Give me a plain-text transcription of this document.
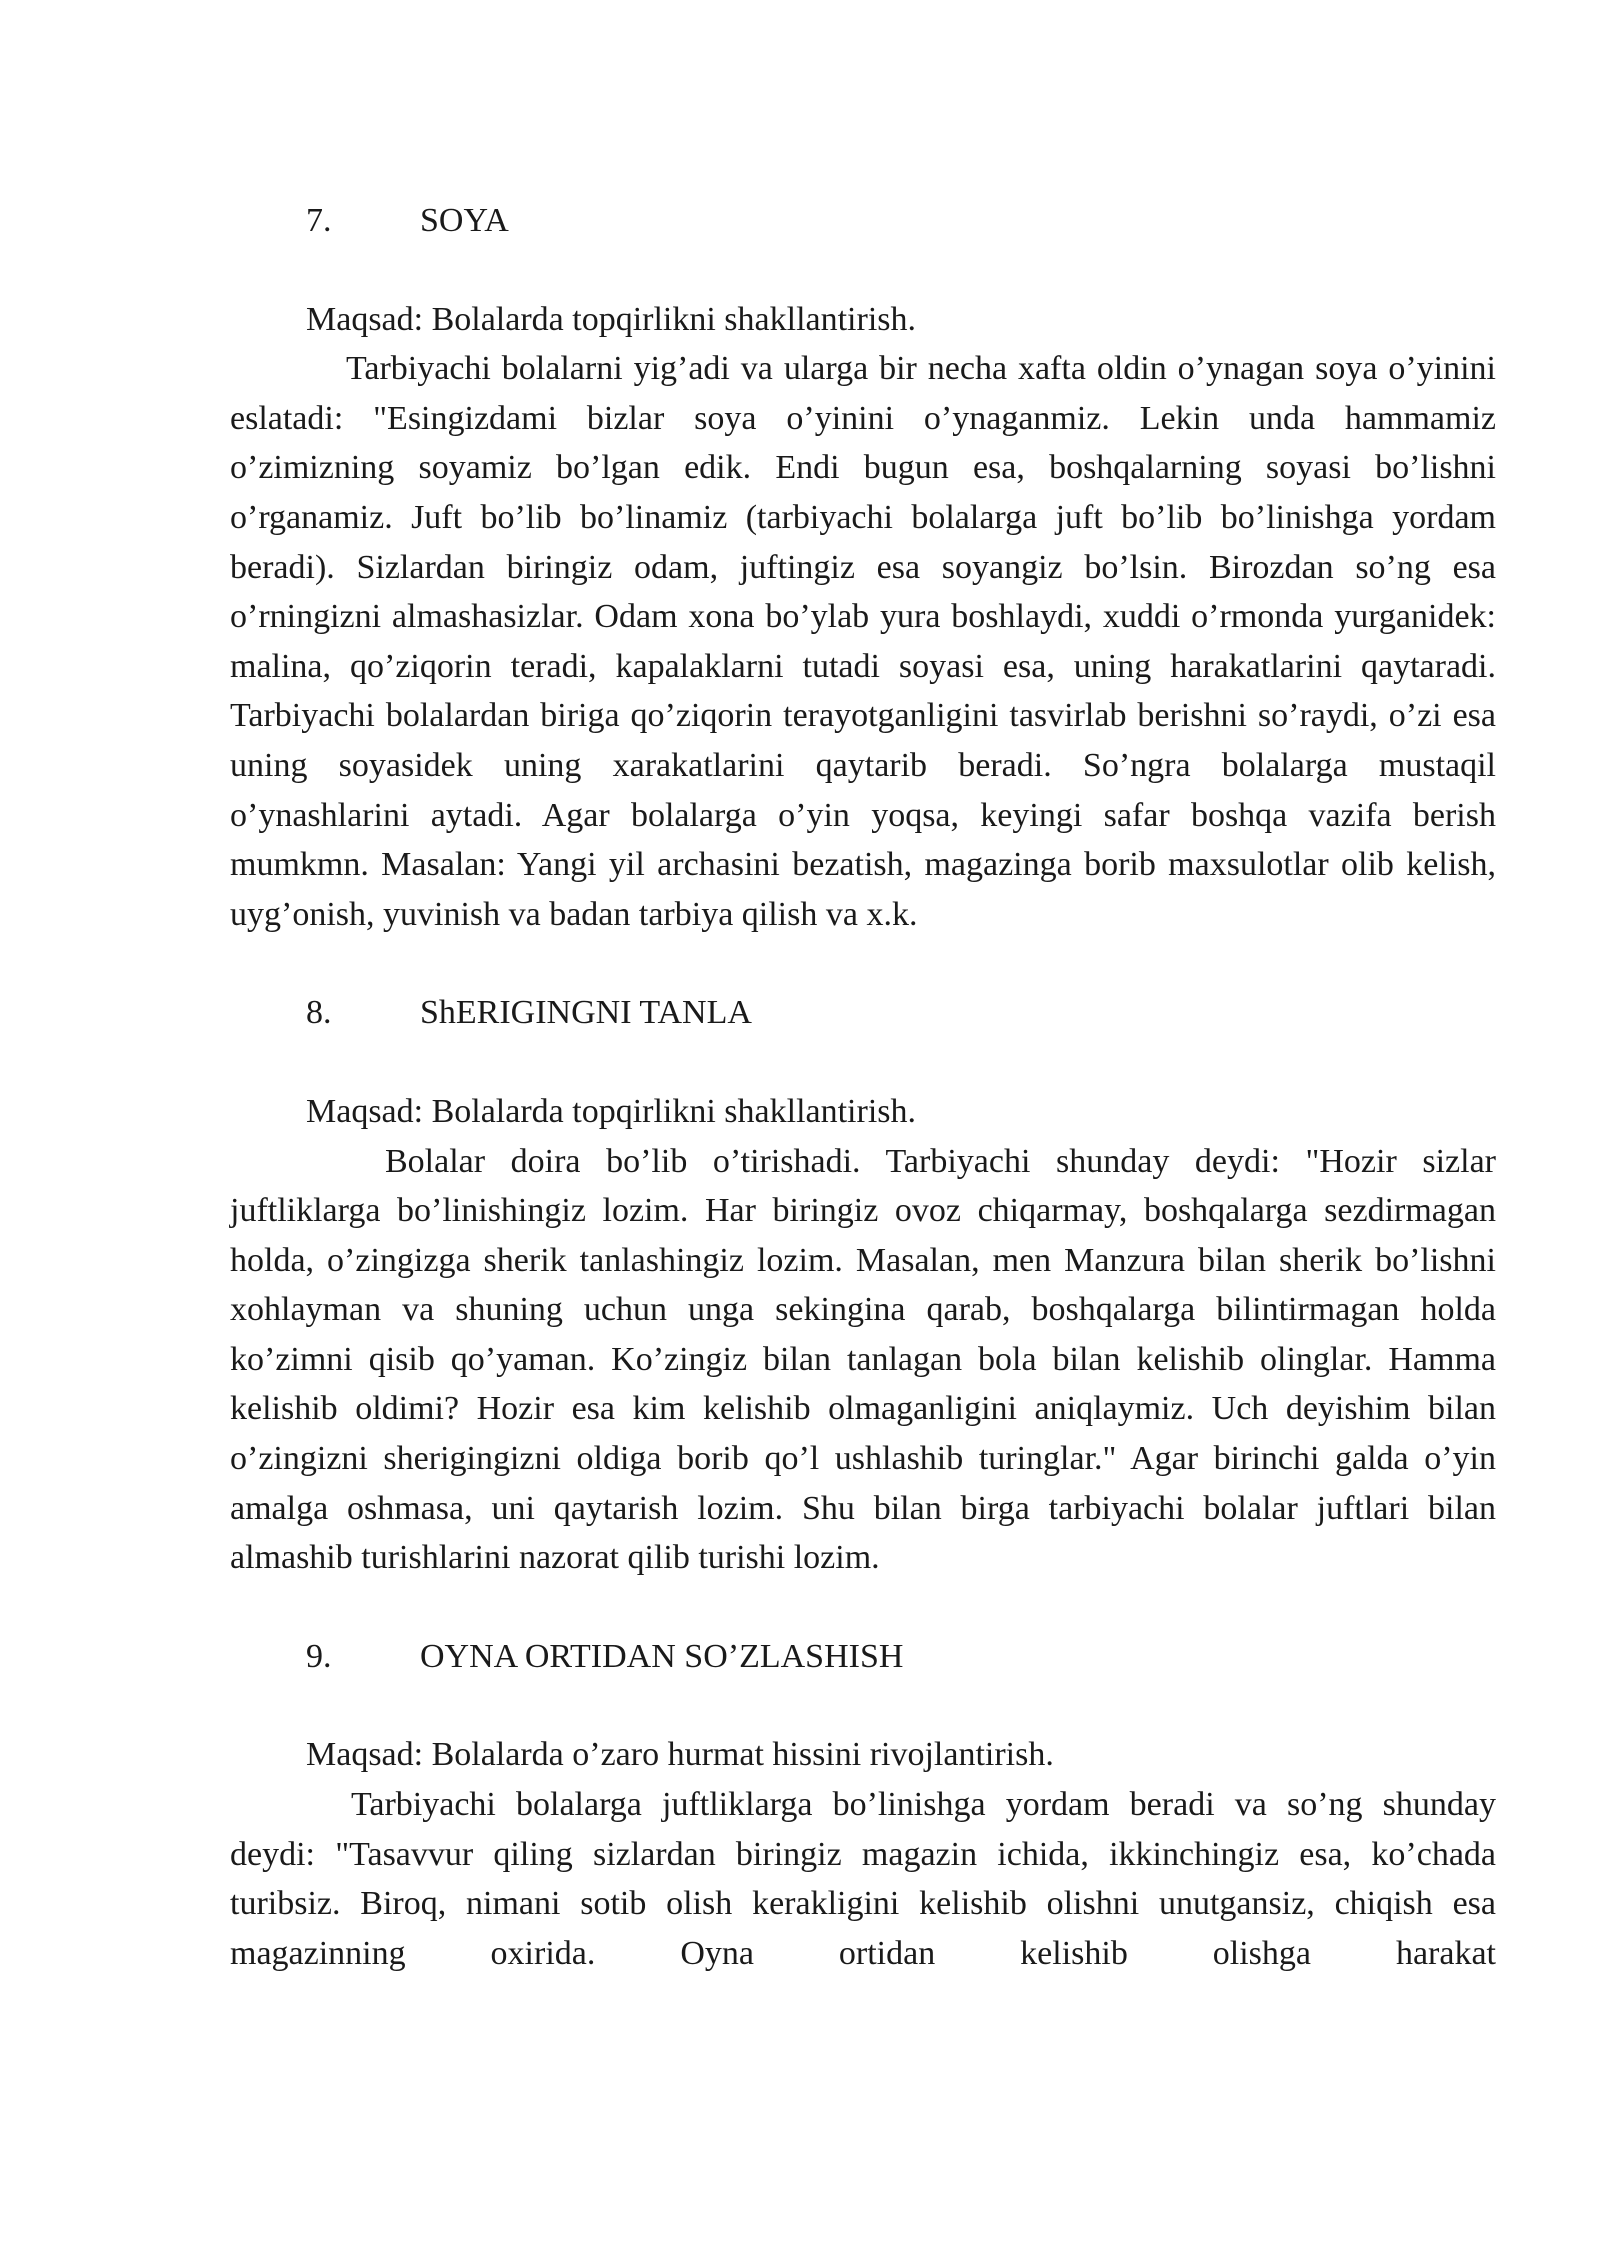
7.	SOYA

Maqsad: Bolalarda topqirlikni shakllantirish.

Tarbiyachi bolalarni yig’adi va ularga bir necha xafta oldin o’ynagan soya o’yinini eslatadi: "Esingizdami bizlar soya o’yinini o’ynaganmiz. Lekin unda hammamiz o’zimizning soyamiz bo’lgan edik. Endi bugun esa, boshqalarning soyasi bo’lishni o’rganamiz. Juft bo’lib bo’linamiz (tarbiyachi bolalarga juft bo’lib bo’linishga yordam beradi). Sizlardan biringiz odam, juftingiz esa soyangiz bo’lsin. Birozdan so’ng esa o’rningizni almashasizlar. Odam xona bo’ylab yura boshlaydi, xuddi o’rmonda yurganidek: malina, qo’ziqorin teradi, kapalaklarni tutadi soyasi esa, uning harakatlarini qaytaradi. Tarbiyachi bolalardan biriga qo’ziqorin terayotganligini tasvirlab berishni so’raydi, o’zi esa uning soyasidek uning xarakatlarini qaytarib beradi. So’ngra bolalarga mustaqil o’ynashlarini aytadi. Agar bolalarga o’yin yoqsa, keyingi safar boshqa vazifa berish mumkmn. Masalan: Yangi yil archasini bezatish, magazinga borib maxsulotlar olib kelish, uyg’onish, yuvinish va badan tarbiya qilish va x.k.

8.	ShERIGINGNI TANLA

Maqsad: Bolalarda topqirlikni shakllantirish.

Bolalar doira bo’lib o’tirishadi. Tarbiyachi shunday deydi: "Hozir sizlar juftliklarga bo’linishingiz lozim. Har biringiz ovoz chiqarmay, boshqalarga sezdirmagan holda, o’zingizga sherik tanlashingiz lozim. Masalan, men Manzura bilan sherik bo’lishni xohlayman va shuning uchun unga sekingina qarab, boshqalarga bilintirmagan holda ko’zimni qisib qo’yaman. Ko’zingiz bilan tanlagan bola bilan kelishib olinglar. Hamma kelishib oldimi? Hozir esa kim kelishib olmaganligini aniqlaymiz. Uch deyishim bilan o’zingizni sherigingizni oldiga borib qo’l ushlashib turinglar." Agar birinchi galda o’yin amalga oshmasa, uni qaytarish lozim. Shu bilan birga tarbiyachi bolalar juftlari bilan almashib turishlarini nazorat qilib turishi lozim.

9.	OYNA ORTIDAN SO’ZLASHISH

Maqsad: Bolalarda o’zaro hurmat hissini rivojlantirish.

Tarbiyachi bolalarga juftliklarga bo’linishga yordam beradi va so’ng shunday deydi: "Tasavvur qiling sizlardan biringiz magazin ichida, ikkinchingiz esa, ko’chada turibsiz. Biroq, nimani sotib olish kerakligini kelishib olishni unutgansiz, chiqish esa magazinning oxirida. Oyna ortidan kelishib olishga harakat
